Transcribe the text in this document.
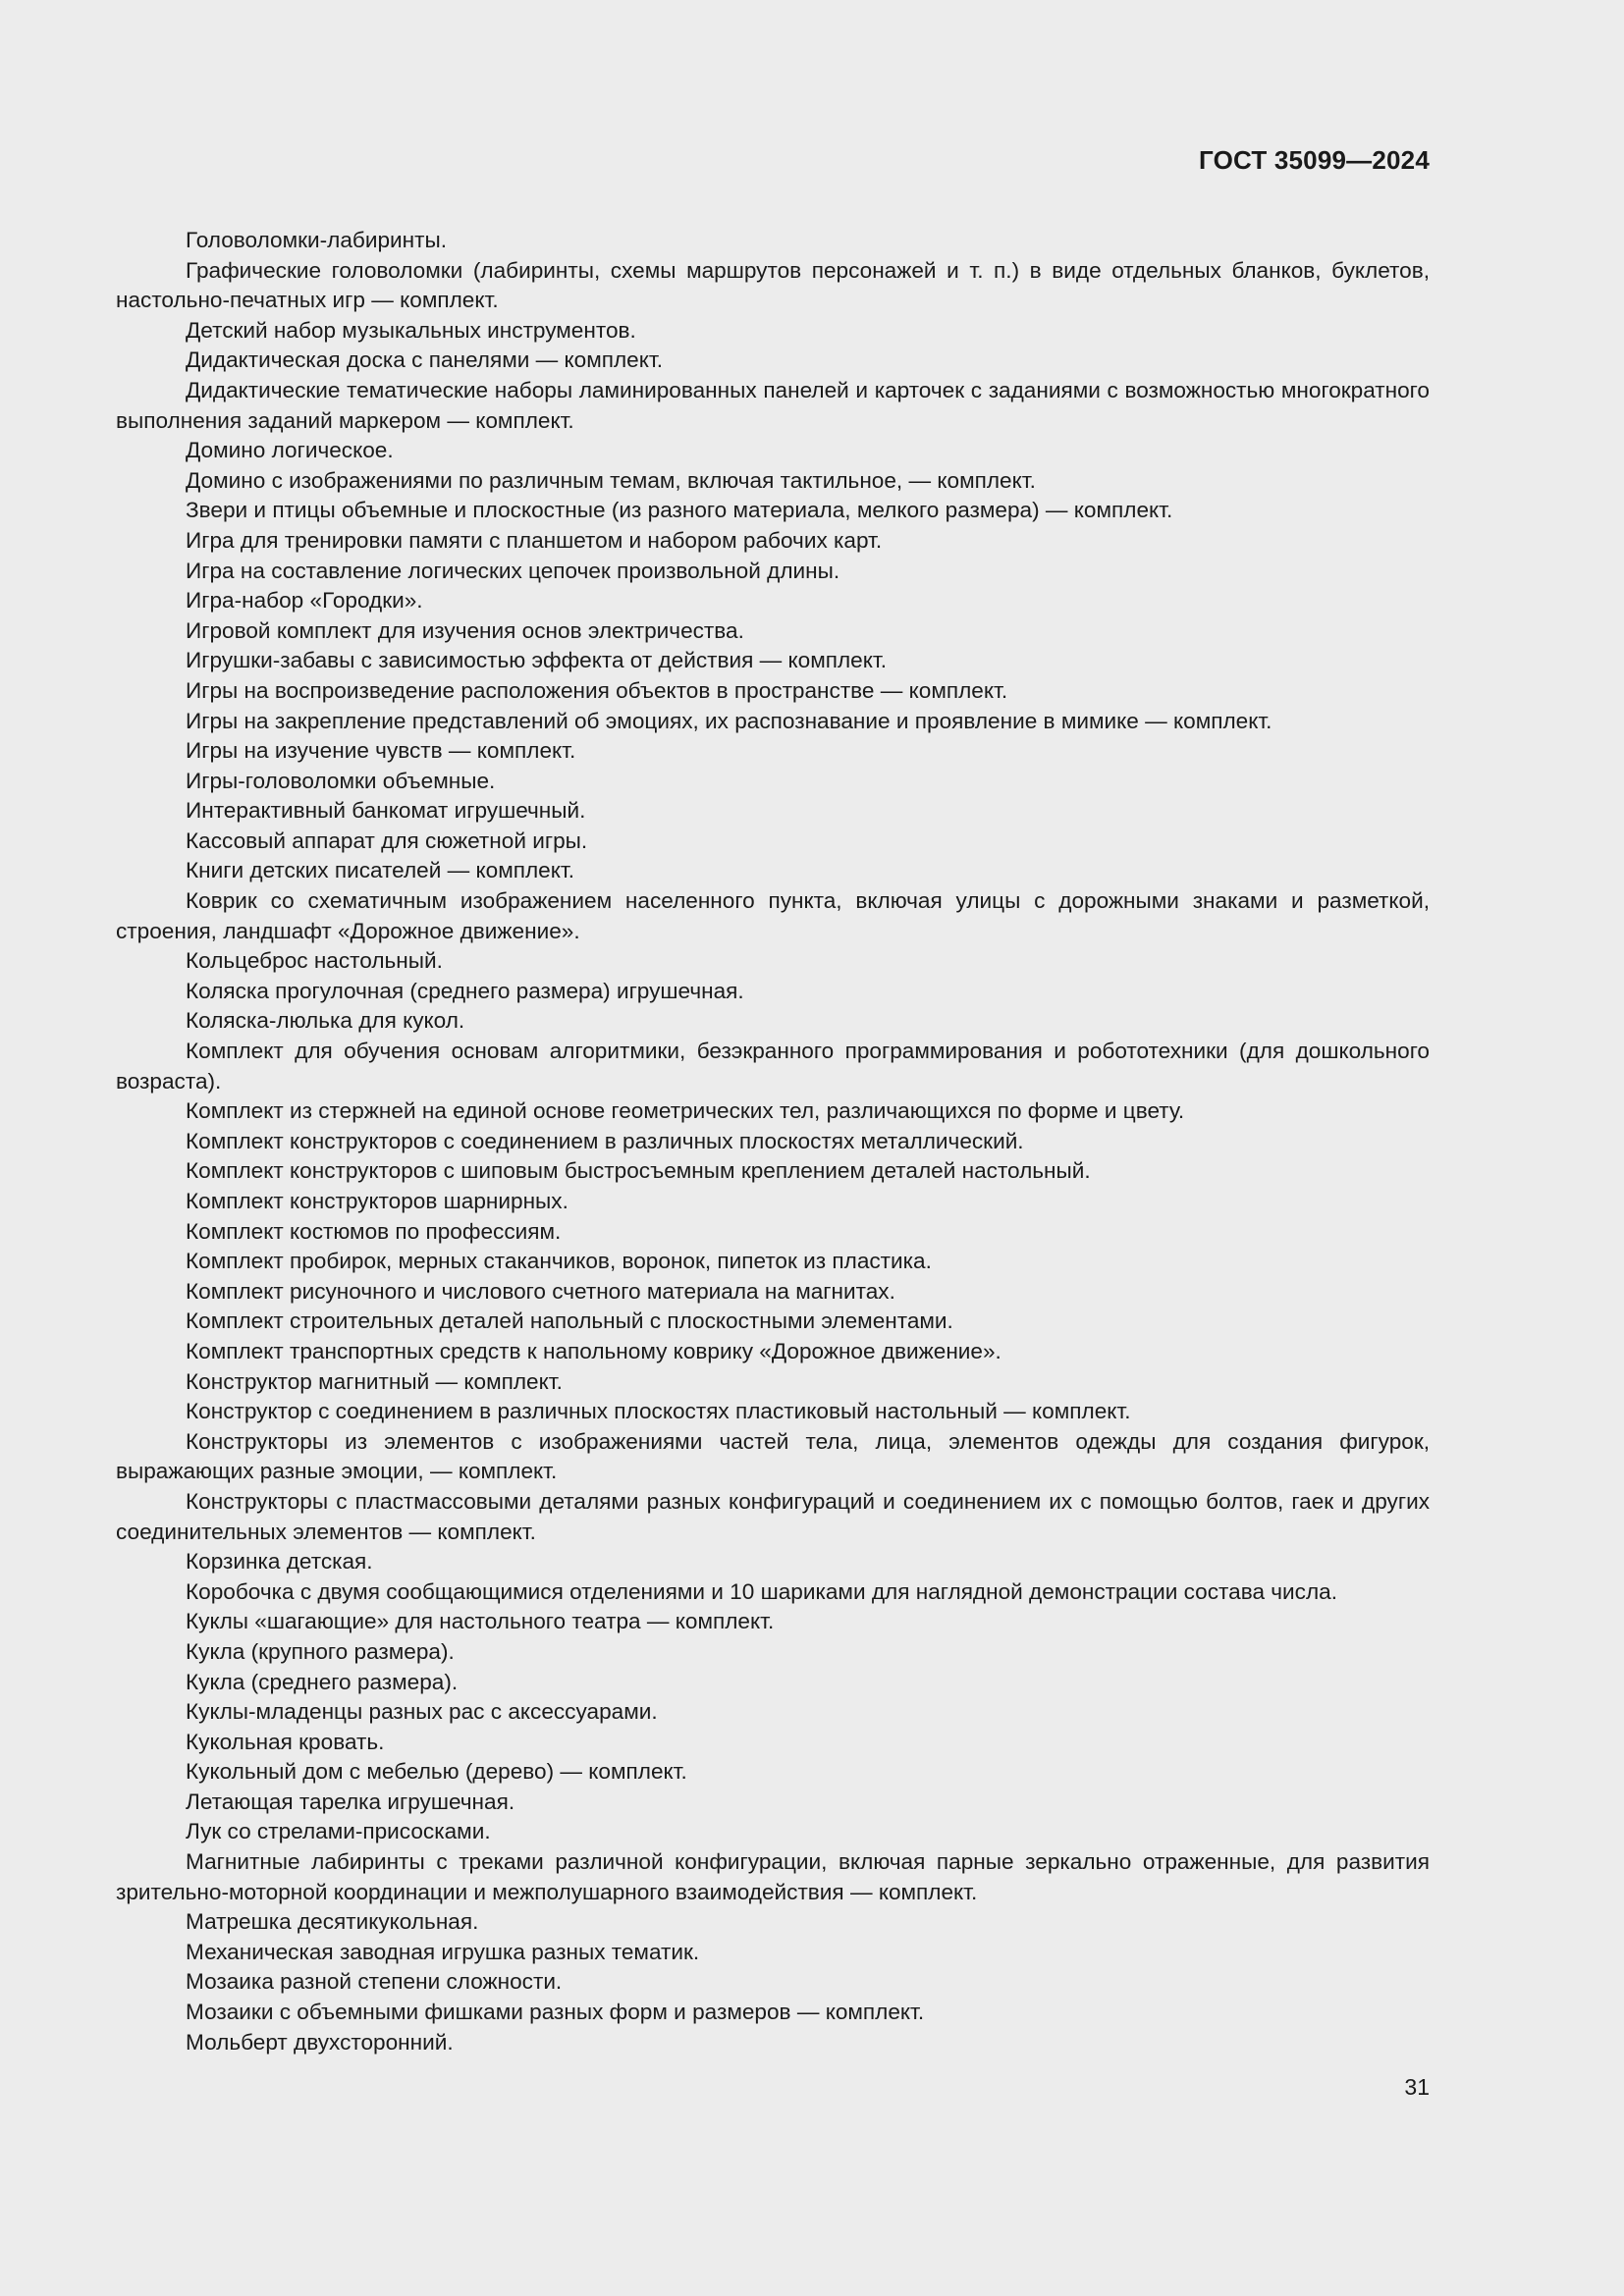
ГОСТ 35099—2024

Головоломки-лабиринты.

Графические головоломки (лабиринты, схемы маршрутов персонажей и т. п.) в виде отдельных бланков, буклетов, настольно-печатных игр — комплект.

Детский набор музыкальных инструментов.

Дидактическая доска с панелями — комплект.

Дидактические тематические наборы ламинированных панелей и карточек с заданиями с возможностью многократного выполнения заданий маркером — комплект.

Домино логическое.

Домино с изображениями по различным темам, включая тактильное, — комплект.

Звери и птицы объемные и плоскостные (из разного материала, мелкого размера) — комплект.

Игра для тренировки памяти с планшетом и набором рабочих карт.

Игра на составление логических цепочек произвольной длины.

Игра-набор «Городки».

Игровой комплект для изучения основ электричества.

Игрушки-забавы с зависимостью эффекта от действия — комплект.

Игры на воспроизведение расположения объектов в пространстве — комплект.

Игры на закрепление представлений об эмоциях, их распознавание и проявление в мимике — комплект.

Игры на изучение чувств — комплект.

Игры-головоломки объемные.

Интерактивный банкомат игрушечный.

Кассовый аппарат для сюжетной игры.

Книги детских писателей — комплект.

Коврик со схематичным изображением населенного пункта, включая улицы с дорожными знаками и разметкой, строения, ландшафт «Дорожное движение».

Кольцеброс настольный.

Коляска прогулочная (среднего размера) игрушечная.

Коляска-люлька для кукол.

Комплект для обучения основам алгоритмики, безэкранного программирования и робототехники (для дошкольного возраста).

Комплект из стержней на единой основе геометрических тел, различающихся по форме и цвету.

Комплект конструкторов с соединением в различных плоскостях металлический.

Комплект конструкторов с шиповым быстросъемным креплением деталей настольный.

Комплект конструкторов шарнирных.

Комплект костюмов по профессиям.

Комплект пробирок, мерных стаканчиков, воронок, пипеток из пластика.

Комплект рисуночного и числового счетного материала на магнитах.

Комплект строительных деталей напольный с плоскостными элементами.

Комплект транспортных средств к напольному коврику «Дорожное движение».

Конструктор магнитный — комплект.

Конструктор с соединением в различных плоскостях пластиковый настольный — комплект.

Конструкторы из элементов с изображениями частей тела, лица, элементов одежды для создания фигурок, выражающих разные эмоции, — комплект.

Конструкторы с пластмассовыми деталями разных конфигураций и соединением их с помощью болтов, гаек и других соединительных элементов — комплект.

Корзинка детская.

Коробочка с двумя сообщающимися отделениями и 10 шариками для наглядной демонстрации состава числа.

Куклы «шагающие» для настольного театра — комплект.

Кукла (крупного размера).

Кукла (среднего размера).

Куклы-младенцы разных рас с аксессуарами.

Кукольная кровать.

Кукольный дом с мебелью (дерево) — комплект.

Летающая тарелка игрушечная.

Лук со стрелами-присосками.

Магнитные лабиринты с треками различной конфигурации, включая парные зеркально отраженные, для развития зрительно-моторной координации и межполушарного взаимодействия — комплект.

Матрешка десятикукольная.

Механическая заводная игрушка разных тематик.

Мозаика разной степени сложности.

Мозаики с объемными фишками разных форм и размеров — комплект.

Мольберт двухсторонний.

31
